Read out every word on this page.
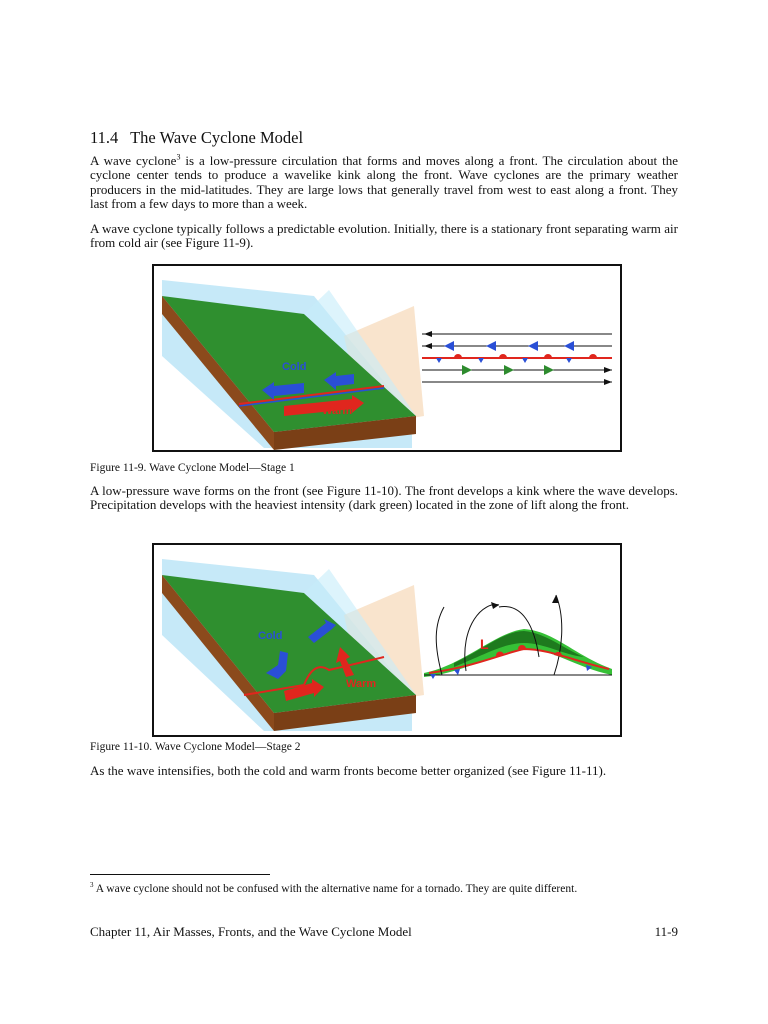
11.4 The Wave Cyclone Model

A wave cyclone$^3$ is a low-pressure circulation that forms and moves along a front. The circulation about the cyclone center tends to produce a wavelike kink along the front. Wave cyclones are the primary weather producers in the mid-latitudes. They are large lows that generally travel from west to east along a front. They last from a few days to more than a week.

A wave cyclone typically follows a predictable evolution. Initially, there is a stationary front separating warm air from cold air (see Figure 11-9).

Cold
Warm
Figure 11-9. Wave Cyclone Model—Stage 1

A low-pressure wave forms on the front (see Figure 11-10). The front develops a kink where the wave develops. Precipitation develops with the heaviest intensity (dark green) located in the zone of lift along the front.

Cold
Warm
L
Figure 11-10. Wave Cyclone Model—Stage 2

As the wave intensifies, both the cold and warm fronts become better organized (see Figure 11-11).

$^3$ A wave cyclone should not be confused with the alternative name for a tornado. They are quite different.
Chapter 11, Air Masses, Fronts, and the Wave Cyclone Model	11-9
